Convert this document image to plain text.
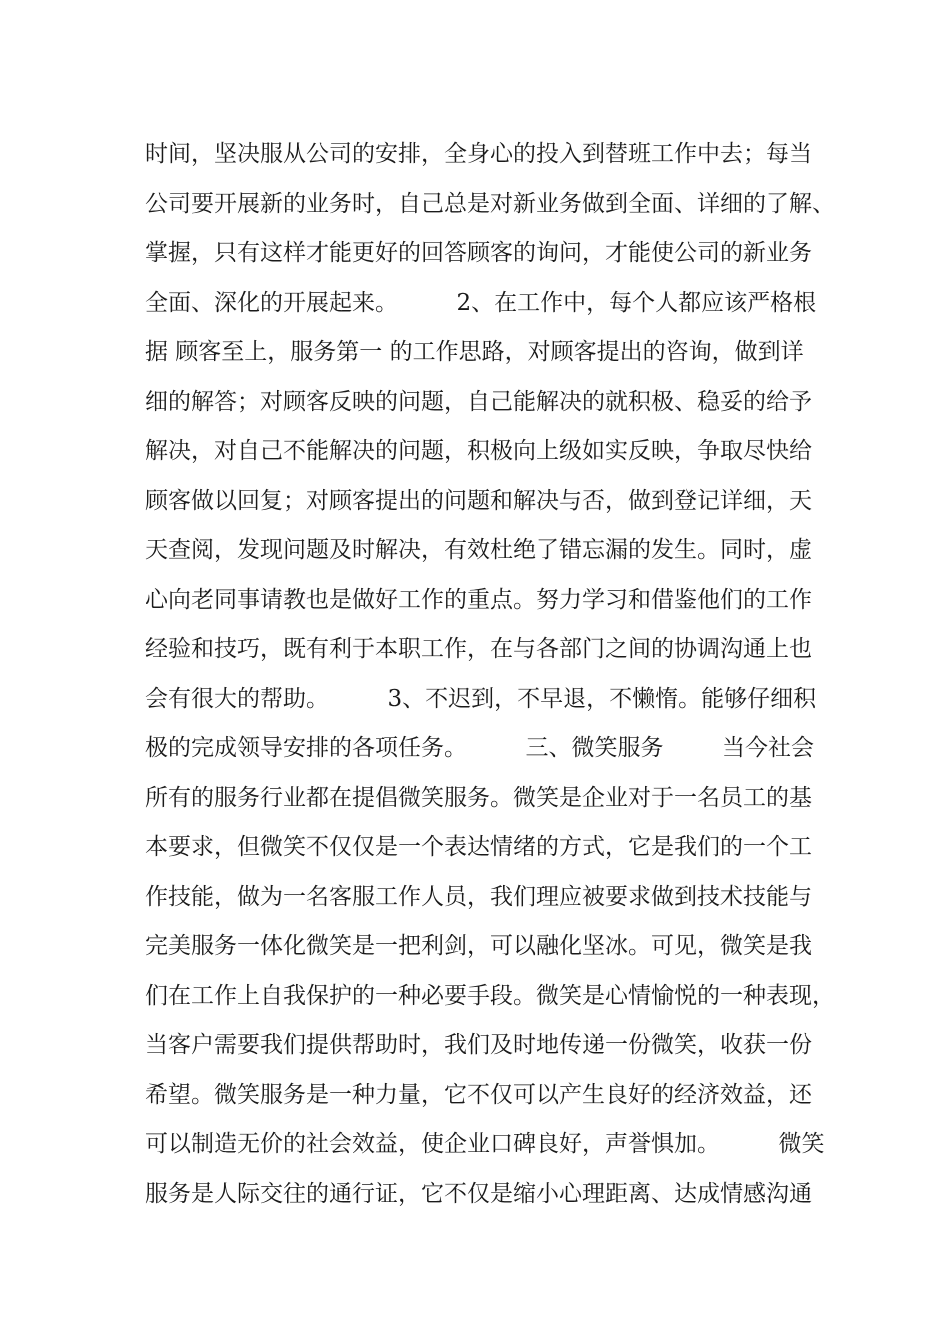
时间，坚决服从公司的安排，全身心的投入到替班工作中去；每当
公司要开展新的业务时，自己总是对新业务做到全面、详细的了解、
掌握，只有这样才能更好的回答顾客的询问，才能使公司的新业务
全面、深化的开展起来。        2、在工作中，每个人都应该严格根
据 顾客至上，服务第一 的工作思路，对顾客提出的咨询，做到详
细的解答；对顾客反映的问题，自己能解决的就积极、稳妥的给予
解决，对自己不能解决的问题，积极向上级如实反映，争取尽快给
顾客做以回复；对顾客提出的问题和解决与否，做到登记详细，天
天查阅，发现问题及时解决，有效杜绝了错忘漏的发生。同时，虚
心向老同事请教也是做好工作的重点。努力学习和借鉴他们的工作
经验和技巧，既有利于本职工作，在与各部门之间的协调沟通上也
会有很大的帮助。        3、不迟到，不早退，不懒惰。能够仔细积
极的完成领导安排的各项任务。        三、微笑服务        当今社会
所有的服务行业都在提倡微笑服务。微笑是企业对于一名员工的基
本要求，但微笑不仅仅是一个表达情绪的方式，它是我们的一个工
作技能，做为一名客服工作人员，我们理应被要求做到技术技能与
完美服务一体化微笑是一把利剑，可以融化坚冰。可见，微笑是我
们在工作上自我保护的一种必要手段。微笑是心情愉悦的一种表现，
当客户需要我们提供帮助时，我们及时地传递一份微笑，收获一份
希望。微笑服务是一种力量，它不仅可以产生良好的经济效益，还
可以制造无价的社会效益，使企业口碑良好，声誉惧加。        微笑
服务是人际交往的通行证，它不仅是缩小心理距离、达成情感沟通
